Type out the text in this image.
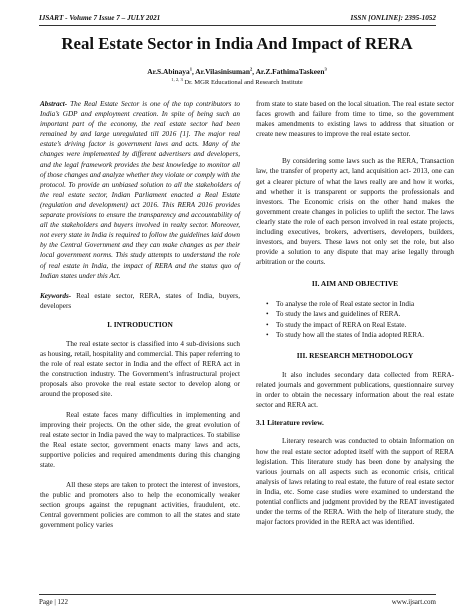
IJSART - Volume 7 Issue 7 – JULY 2021	ISSN [ONLINE]: 2395-1052
Real Estate Sector in India And Impact of RERA
Ar.S.Abinaya$^1$, Ar.Vilasinisuman$^2$, Ar.Z.FathimaTaskeen$^3$
$^{1, 2, 3}$ Dr. MGR Educational and Research Institute

Abstract- The Real Estate Sector is one of the top contributors to India’s GDP and employment creation. In spite of being such an important part of the economy, the real estate sector had been remained by and large unregulated till 2016 [1]. The major real estate’s driving factor is government laws and acts. Many of the changes were implemented by different advertisers and developers, and the legal framework provides the best knowledge to monitor all of those changes and analyze whether they violate or comply with the protocol. To provide an unbiased solution to all the stakeholders of the real estate sector, Indian Parliament enacted a Real Estate (regulation and development) act 2016. This RERA 2016 provides separate provisions to ensure the transparency and accountability of all the stakeholders and buyers involved in realty sector. Moreover, not every state in India is required to follow the guidelines laid down by the Central Government and they can make changes as per their local government norms. This study attempts to understand the role of real estate in India, the impact of RERA and the status quo of Indian states under this Act.

Keywords- Real estate sector, RERA, states of India, buyers, developers

I. INTRODUCTION

The real estate sector is classified into 4 sub-divisions such as housing, retail, hospitality and commercial. This paper referring to the role of real estate sector in India and the effect of RERA act in the construction industry. The Government’s infrastructural project proposals also provoke the real estate sector to develop along or around the proposed site.

Real estate faces many difficulties in implementing and improving their projects. On the other side, the great evolution of real estate sector in India paved the way to malpractices. To stabilise the Real estate sector, government enacts many laws and acts, supportive policies and required amendments during this changing state.

All these steps are taken to protect the interest of investors, the public and promoters also to help the economically weaker section groups against the repugnant activities, fraudulent, etc. Central government policies are common to all the states and state government policy varies

from state to state based on the local situation. The real estate sector faces growth and failure from time to time, so the government makes amendments to existing laws to address that situation or create new measures to improve the real estate sector.

By considering some laws such as the RERA, Transaction law, the transfer of property act, land acquisition act- 2013, one can get a clearer picture of what the laws really are and how it works, and whether it is transparent or supports the professionals and investors. The Economic crisis on the other hand makes the government create changes in policies to uplift the sector. The laws clearly state the role of each person involved in real estate projects, including executives, brokers, advertisers, developers, builders, investors, and buyers. These laws not only set the role, but also provide a solution to any dispute that may arise legally through arbitration or the courts.

II. AIM AND OBJECTIVE
• To analyse the role of Real estate sector in India
• To study the laws and guidelines of RERA.
• To study the impact of RERA on Real Estate.
• To study how all the states of India adopted RERA.
III. RESEARCH METHODOLOGY

It also includes secondary data collected from RERA-related journals and government publications, questionnaire survey in order to obtain the necessary information about the real estate sector and RERA act.

3.1 Literature review.

Literary research was conducted to obtain Information on how the real estate sector adopted itself with the support of RERA legislation. This literature study has been done by analysing the various journals on all aspects such as economic crisis, critical analysis of laws relating to real estate, the future of real estate sector in India, etc. Some case studies were examined to understand the potential conflicts and judgment provided by the REAT investigated under the terms of the RERA. With the help of literature study, the major factors provided in the RERA act was identified.

Page | 122	www.ijsart.com
